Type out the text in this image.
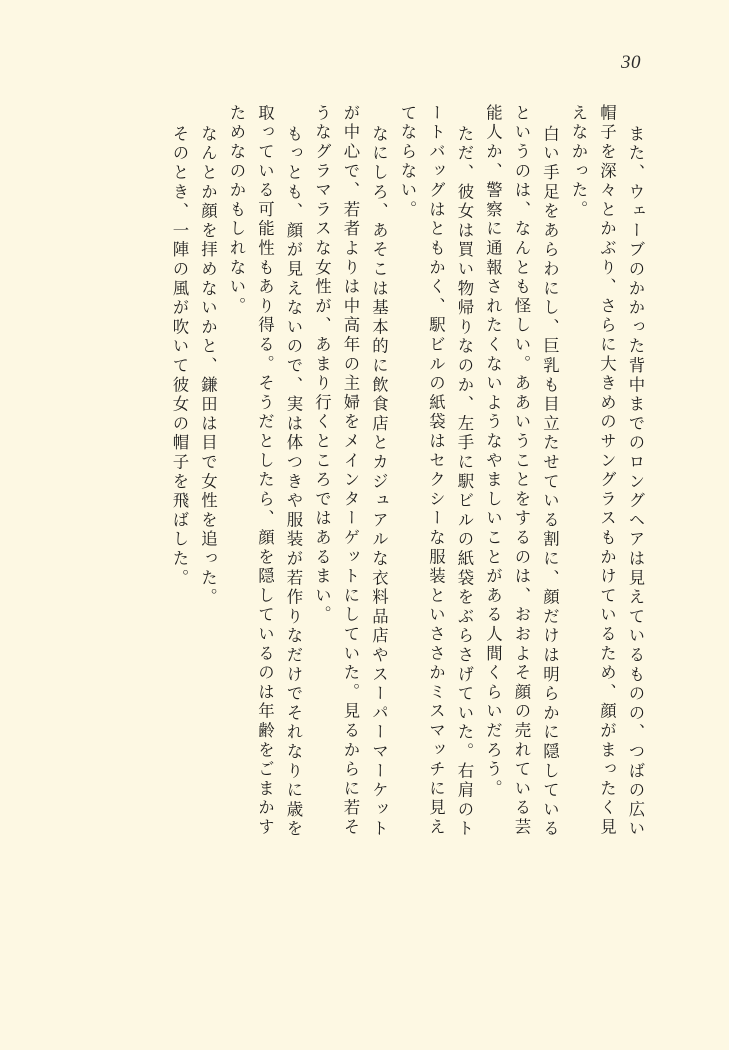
30
また、ウェーブのかかった背中までのロングヘアは見えているものの、つばの広い
帽子を深々とかぶり、さらに大きめのサングラスもかけているため、顔がまったく見
えなかった。
白い手足をあらわにし、巨乳も目立たせている割に、顔だけは明らかに隠している
というのは、なんとも怪しい。ああいうことをするのは、おおよそ顔の売れている芸
能人か、警察に通報されたくないようなやましいことがある人間くらいだろう。
ただ、彼女は買い物帰りなのか、左手に駅ビルの紙袋をぶらさげていた。右肩のト
ートバッグはともかく、駅ビルの紙袋はセクシーな服装といささかミスマッチに見え
てならない。
なにしろ、あそこは基本的に飲食店とカジュアルな衣料品店やスーパーマーケット
が中心で、若者よりは中高年の主婦をメインターゲットにしていた。見るからに若そ
うなグラマラスな女性が、あまり行くところではあるまい。
もっとも、顔が見えないので、実は体つきや服装が若作りなだけでそれなりに歳を
取っている可能性もあり得る。そうだとしたら、顔を隠しているのは年齢をごまかす
ためなのかもしれない。
なんとか顔を拝めないかと、鎌田は目で女性を追った。
そのとき、一陣の風が吹いて彼女の帽子を飛ばした。
